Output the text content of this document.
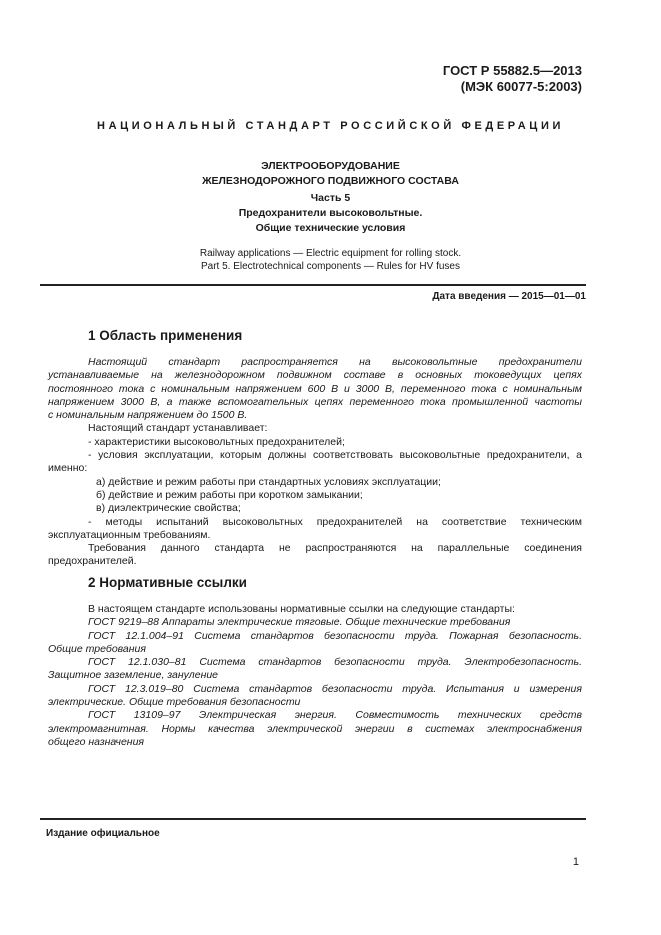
ГОСТ Р 55882.5—2013
(МЭК 60077-5:2003)
НАЦИОНАЛЬНЫЙ СТАНДАРТ РОССИЙСКОЙ ФЕДЕРАЦИИ
ЭЛЕКТРООБОРУДОВАНИЕ
ЖЕЛЕЗНОДОРОЖНОГО ПОДВИЖНОГО СОСТАВА
Часть 5
Предохранители высоковольтные.
Общие технические условия
Railway applications — Electric equipment for rolling stock.
Part 5. Electrotechnical components — Rules for HV fuses
Дата введения — 2015—01—01
1 Область применения

Настоящий стандарт распространяется на высоковольтные предохранители

устанавливаемые на железнодорожном подвижном составе в основных токоведущих цепях

постоянного тока с номинальным напряжением 600 В и 3000 В, переменного тока с номинальным

напряжением 3000 В, а также вспомогательных цепях переменного тока промышленной частоты

с номинальным напряжением до 1500 В.

Настоящий стандарт устанавливает:

- характеристики высоковольтных предохранителей;

- условия эксплуатации, которым должны соответствовать высоковольтные предохранители, а

именно:

а) действие и режим работы при стандартных условиях эксплуатации;

б) действие и режим работы при коротком замыкании;

в) диэлектрические свойства;

- методы испытаний высоковольтных предохранителей на соответствие техническим

эксплуатационным требованиям.

Требования данного стандарта не распространяются на параллельные соединения

предохранителей.

2 Нормативные ссылки

В настоящем стандарте использованы нормативные ссылки на следующие стандарты:

ГОСТ 9219–88 Аппараты электрические тяговые. Общие технические требования

ГОСТ 12.1.004–91 Система стандартов безопасности труда. Пожарная безопасность.

Общие требования

ГОСТ 12.1.030–81 Система стандартов безопасности труда. Электробезопасность.

Защитное заземление, зануление

ГОСТ 12.3.019–80 Система стандартов безопасности труда. Испытания и измерения

электрические. Общие требования безопасности

ГОСТ 13109–97 Электрическая энергия. Совместимость технических средств

электромагнитная. Нормы качества электрической энергии в системах электроснабжения

общего назначения

Издание официальное
1
